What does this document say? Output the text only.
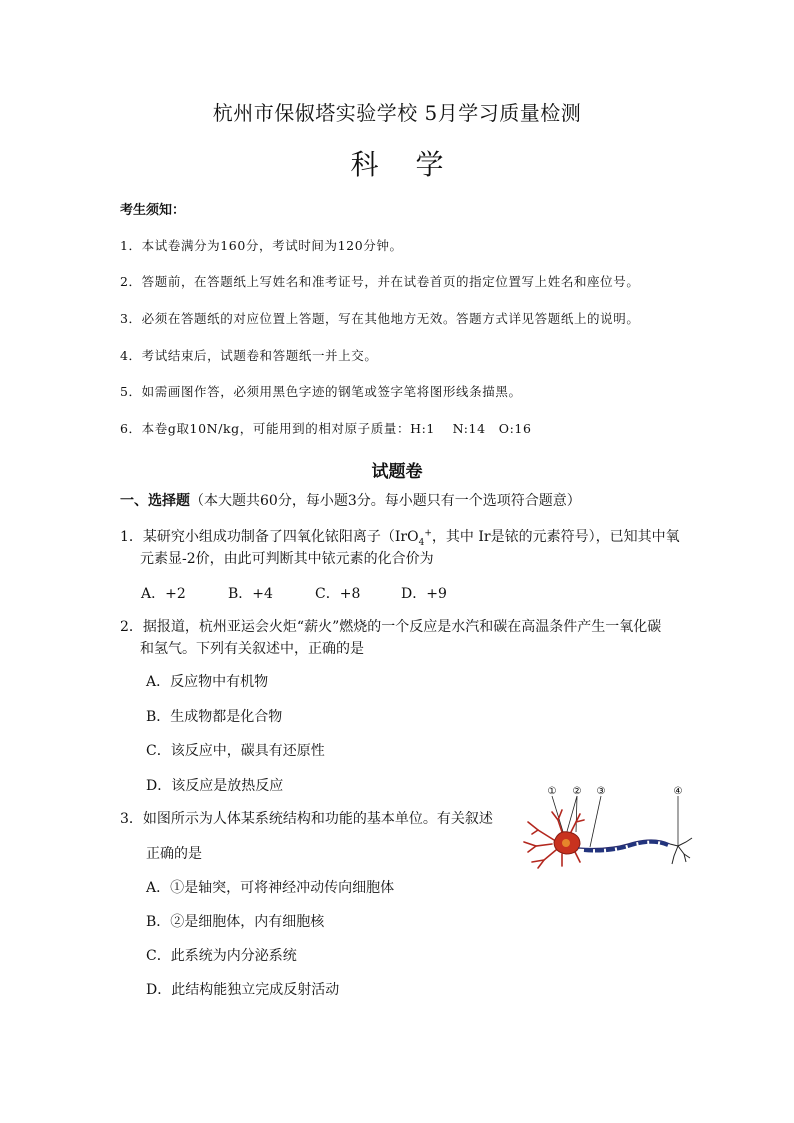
杭州市保俶塔实验学校 5月学习质量检测
科 学
考生须知：
1．本试卷满分为160分，考试时间为120分钟。
2．答题前，在答题纸上写姓名和准考证号，并在试卷首页的指定位置写上姓名和座位号。
3．必须在答题纸的对应位置上答题，写在其他地方无效。答题方式详见答题纸上的说明。
4．考试结束后，试题卷和答题纸一并上交。
5．如需画图作答，必须用黑色字迹的钢笔或签字笔将图形线条描黑。
6．本卷g取10N/kg，可能用到的相对原子质量：H:1　 N:14　O:16
试题卷
一、选择题（本大题共60分，每小题3分。每小题只有一个选项符合题意）
1．某研究小组成功制备了四氧化铱阳离子（IrO$_4$+，其中 Ir是铱的元素符号），已知其中氧
元素显-2价，由此可判断其中铱元素的化合价为
A．+2	B．+4	C．+8	D．+9
2．据报道，杭州亚运会火炬“薪火”燃烧的一个反应是水汽和碳在高温条件产生一氧化碳
和氢气。下列有关叙述中，正确的是
A．反应物中有机物
B．生成物都是化合物
C．该反应中，碳具有还原性
D．该反应是放热反应
3．如图所示为人体某系统结构和功能的基本单位。有关叙述
正确的是
A．①是轴突，可将神经冲动传向细胞体
B．②是细胞体，内有细胞核
C．此系统为内分泌系统
D．此结构能独立完成反射活动
① ② ③	④
